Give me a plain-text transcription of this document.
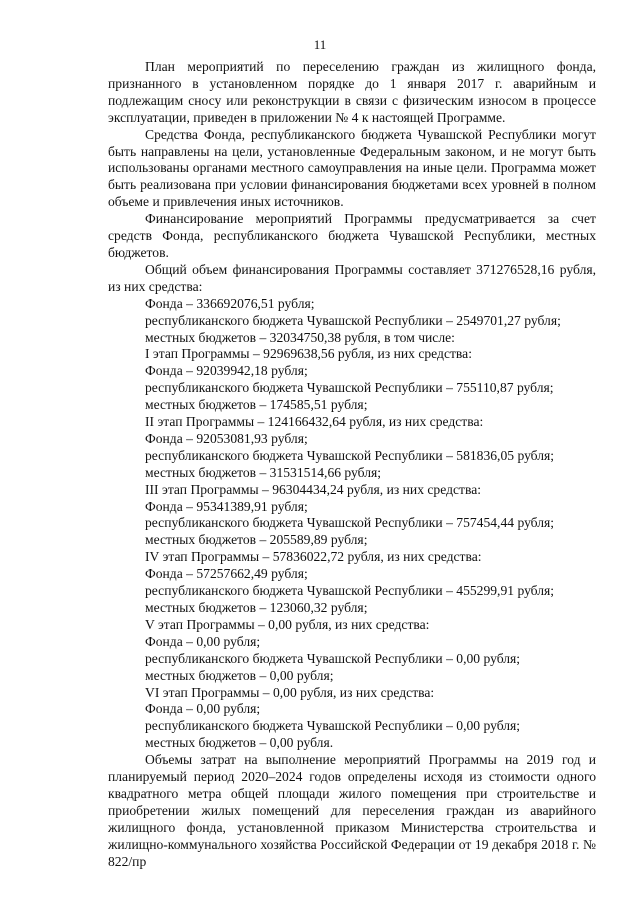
11

План мероприятий по переселению граждан из жилищного фонда, признанного в установленном порядке до 1 января 2017 г. аварийным и подлежащим сносу или реконструкции в связи с физическим износом в процессе эксплуатации, приведен в приложении № 4 к настоящей Программе.

Средства Фонда, республиканского бюджета Чувашской Республики могут быть направлены на цели, установленные Федеральным законом, и не могут быть использованы органами местного самоуправления на иные цели. Программа может быть реализована при условии финансирования бюджетами всех уровней в полном объеме и привлечения иных источников.

Финансирование мероприятий Программы предусматривается за счет средств Фонда, республиканского бюджета Чувашской Республики, местных бюджетов.

Общий объем финансирования Программы составляет 371276528,16 рубля, из них средства:

Фонда – 336692076,51 рубля;

республиканского бюджета Чувашской Республики – 2549701,27 рубля;

местных бюджетов – 32034750,38 рубля, в том числе:

I этап Программы – 92969638,56 рубля, из них средства:

Фонда – 92039942,18 рубля;

республиканского бюджета Чувашской Республики – 755110,87 рубля;

местных бюджетов – 174585,51 рубля;

II этап Программы – 124166432,64 рубля, из них средства:

Фонда – 92053081,93 рубля;

республиканского бюджета Чувашской Республики – 581836,05 рубля;

местных бюджетов – 31531514,66 рубля;

III этап Программы – 96304434,24 рубля, из них средства:

Фонда – 95341389,91 рубля;

республиканского бюджета Чувашской Республики – 757454,44 рубля;

местных бюджетов – 205589,89 рубля;

IV этап Программы – 57836022,72 рубля, из них средства:

Фонда – 57257662,49 рубля;

республиканского бюджета Чувашской Республики – 455299,91 рубля;

местных бюджетов – 123060,32 рубля;

V этап Программы – 0,00 рубля, из них средства:

Фонда – 0,00 рубля;

республиканского бюджета Чувашской Республики – 0,00 рубля;

местных бюджетов – 0,00 рубля;

VI этап Программы – 0,00 рубля, из них средства:

Фонда – 0,00 рубля;

республиканского бюджета Чувашской Республики – 0,00 рубля;

местных бюджетов – 0,00 рубля.

Объемы затрат на выполнение мероприятий Программы на 2019 год и планируемый период 2020–2024 годов определены исходя из стоимости одного квадратного метра общей площади жилого помещения при строительстве и приобретении жилых помещений для переселения граждан из аварийного жилищного фонда, установленной приказом Министерства строительства и жилищно-коммунального хозяйства Российской Федерации от 19 декабря 2018 г. № 822/пр
